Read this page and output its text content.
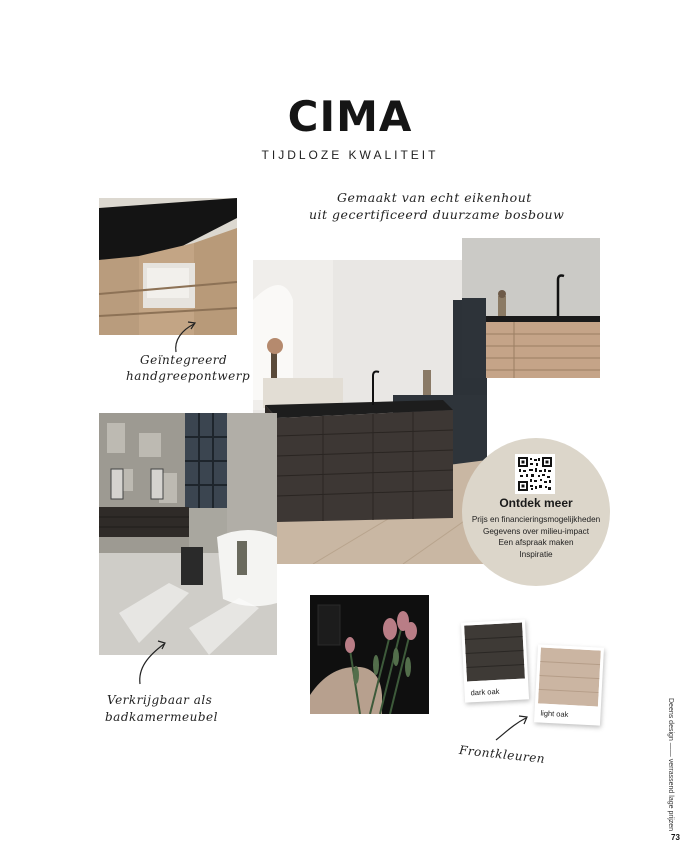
CIMA
TIJDLOZE KWALITEIT
Gemaakt van echt eikenhout
uit gecertificeerd duurzame bosbouw
Geïntegreerd
handgreepontwerp
Ontdek meer
Prijs en financieringsmogelijkheden
Gegevens over milieu-impact
Een afspraak maken
Inspiratie
Verkrijgbaar als
badkamermeubel
dark oak
light oak
Frontkleuren	Deens design —— verrassend lage prijzen
73
